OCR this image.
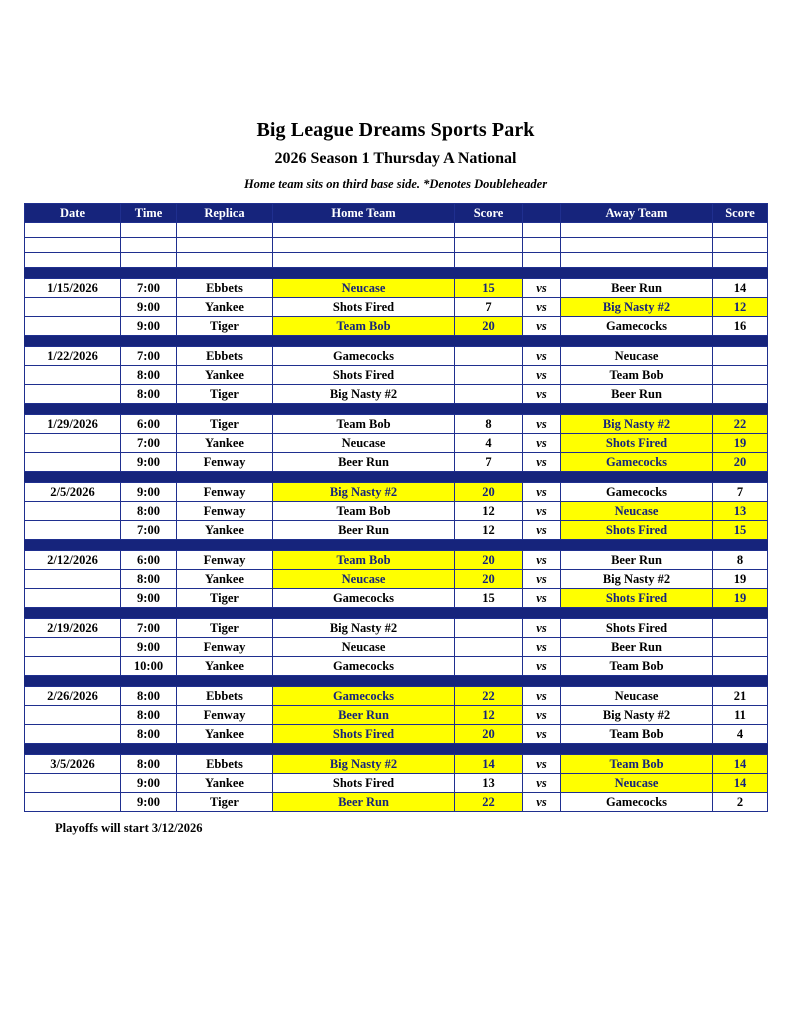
Big League Dreams Sports Park
2026 Season 1 Thursday A National
Home team sits on third base side. *Denotes Doubleheader
Date	Time	Replica	Home Team	Score		Away Team	Score

1/15/2026	7:00	Ebbets	Neucase	15	vs	Beer Run	14
	9:00	Yankee	Shots Fired	7	vs	Big Nasty #2	12
	9:00	Tiger	Team Bob	20	vs	Gamecocks	16

1/22/2026	7:00	Ebbets	Gamecocks		vs	Neucase	
	8:00	Yankee	Shots Fired		vs	Team Bob	
	8:00	Tiger	Big Nasty #2		vs	Beer Run	

1/29/2026	6:00	Tiger	Team Bob	8	vs	Big Nasty #2	22
	7:00	Yankee	Neucase	4	vs	Shots Fired	19
	9:00	Fenway	Beer Run	7	vs	Gamecocks	20

2/5/2026	9:00	Fenway	Big Nasty #2	20	vs	Gamecocks	7
	8:00	Fenway	Team Bob	12	vs	Neucase	13
	7:00	Yankee	Beer Run	12	vs	Shots Fired	15

2/12/2026	6:00	Fenway	Team Bob	20	vs	Beer Run	8
	8:00	Yankee	Neucase	20	vs	Big Nasty #2	19
	9:00	Tiger	Gamecocks	15	vs	Shots Fired	19

2/19/2026	7:00	Tiger	Big Nasty #2		vs	Shots Fired	
	9:00	Fenway	Neucase		vs	Beer Run	
	10:00	Yankee	Gamecocks		vs	Team Bob	

2/26/2026	8:00	Ebbets	Gamecocks	22	vs	Neucase	21
	8:00	Fenway	Beer Run	12	vs	Big Nasty #2	11
	8:00	Yankee	Shots Fired	20	vs	Team Bob	4

3/5/2026	8:00	Ebbets	Big Nasty #2	14	vs	Team Bob	14
	9:00	Yankee	Shots Fired	13	vs	Neucase	14
	9:00	Tiger	Beer Run	22	vs	Gamecocks	2
Playoffs will start 3/12/2026
